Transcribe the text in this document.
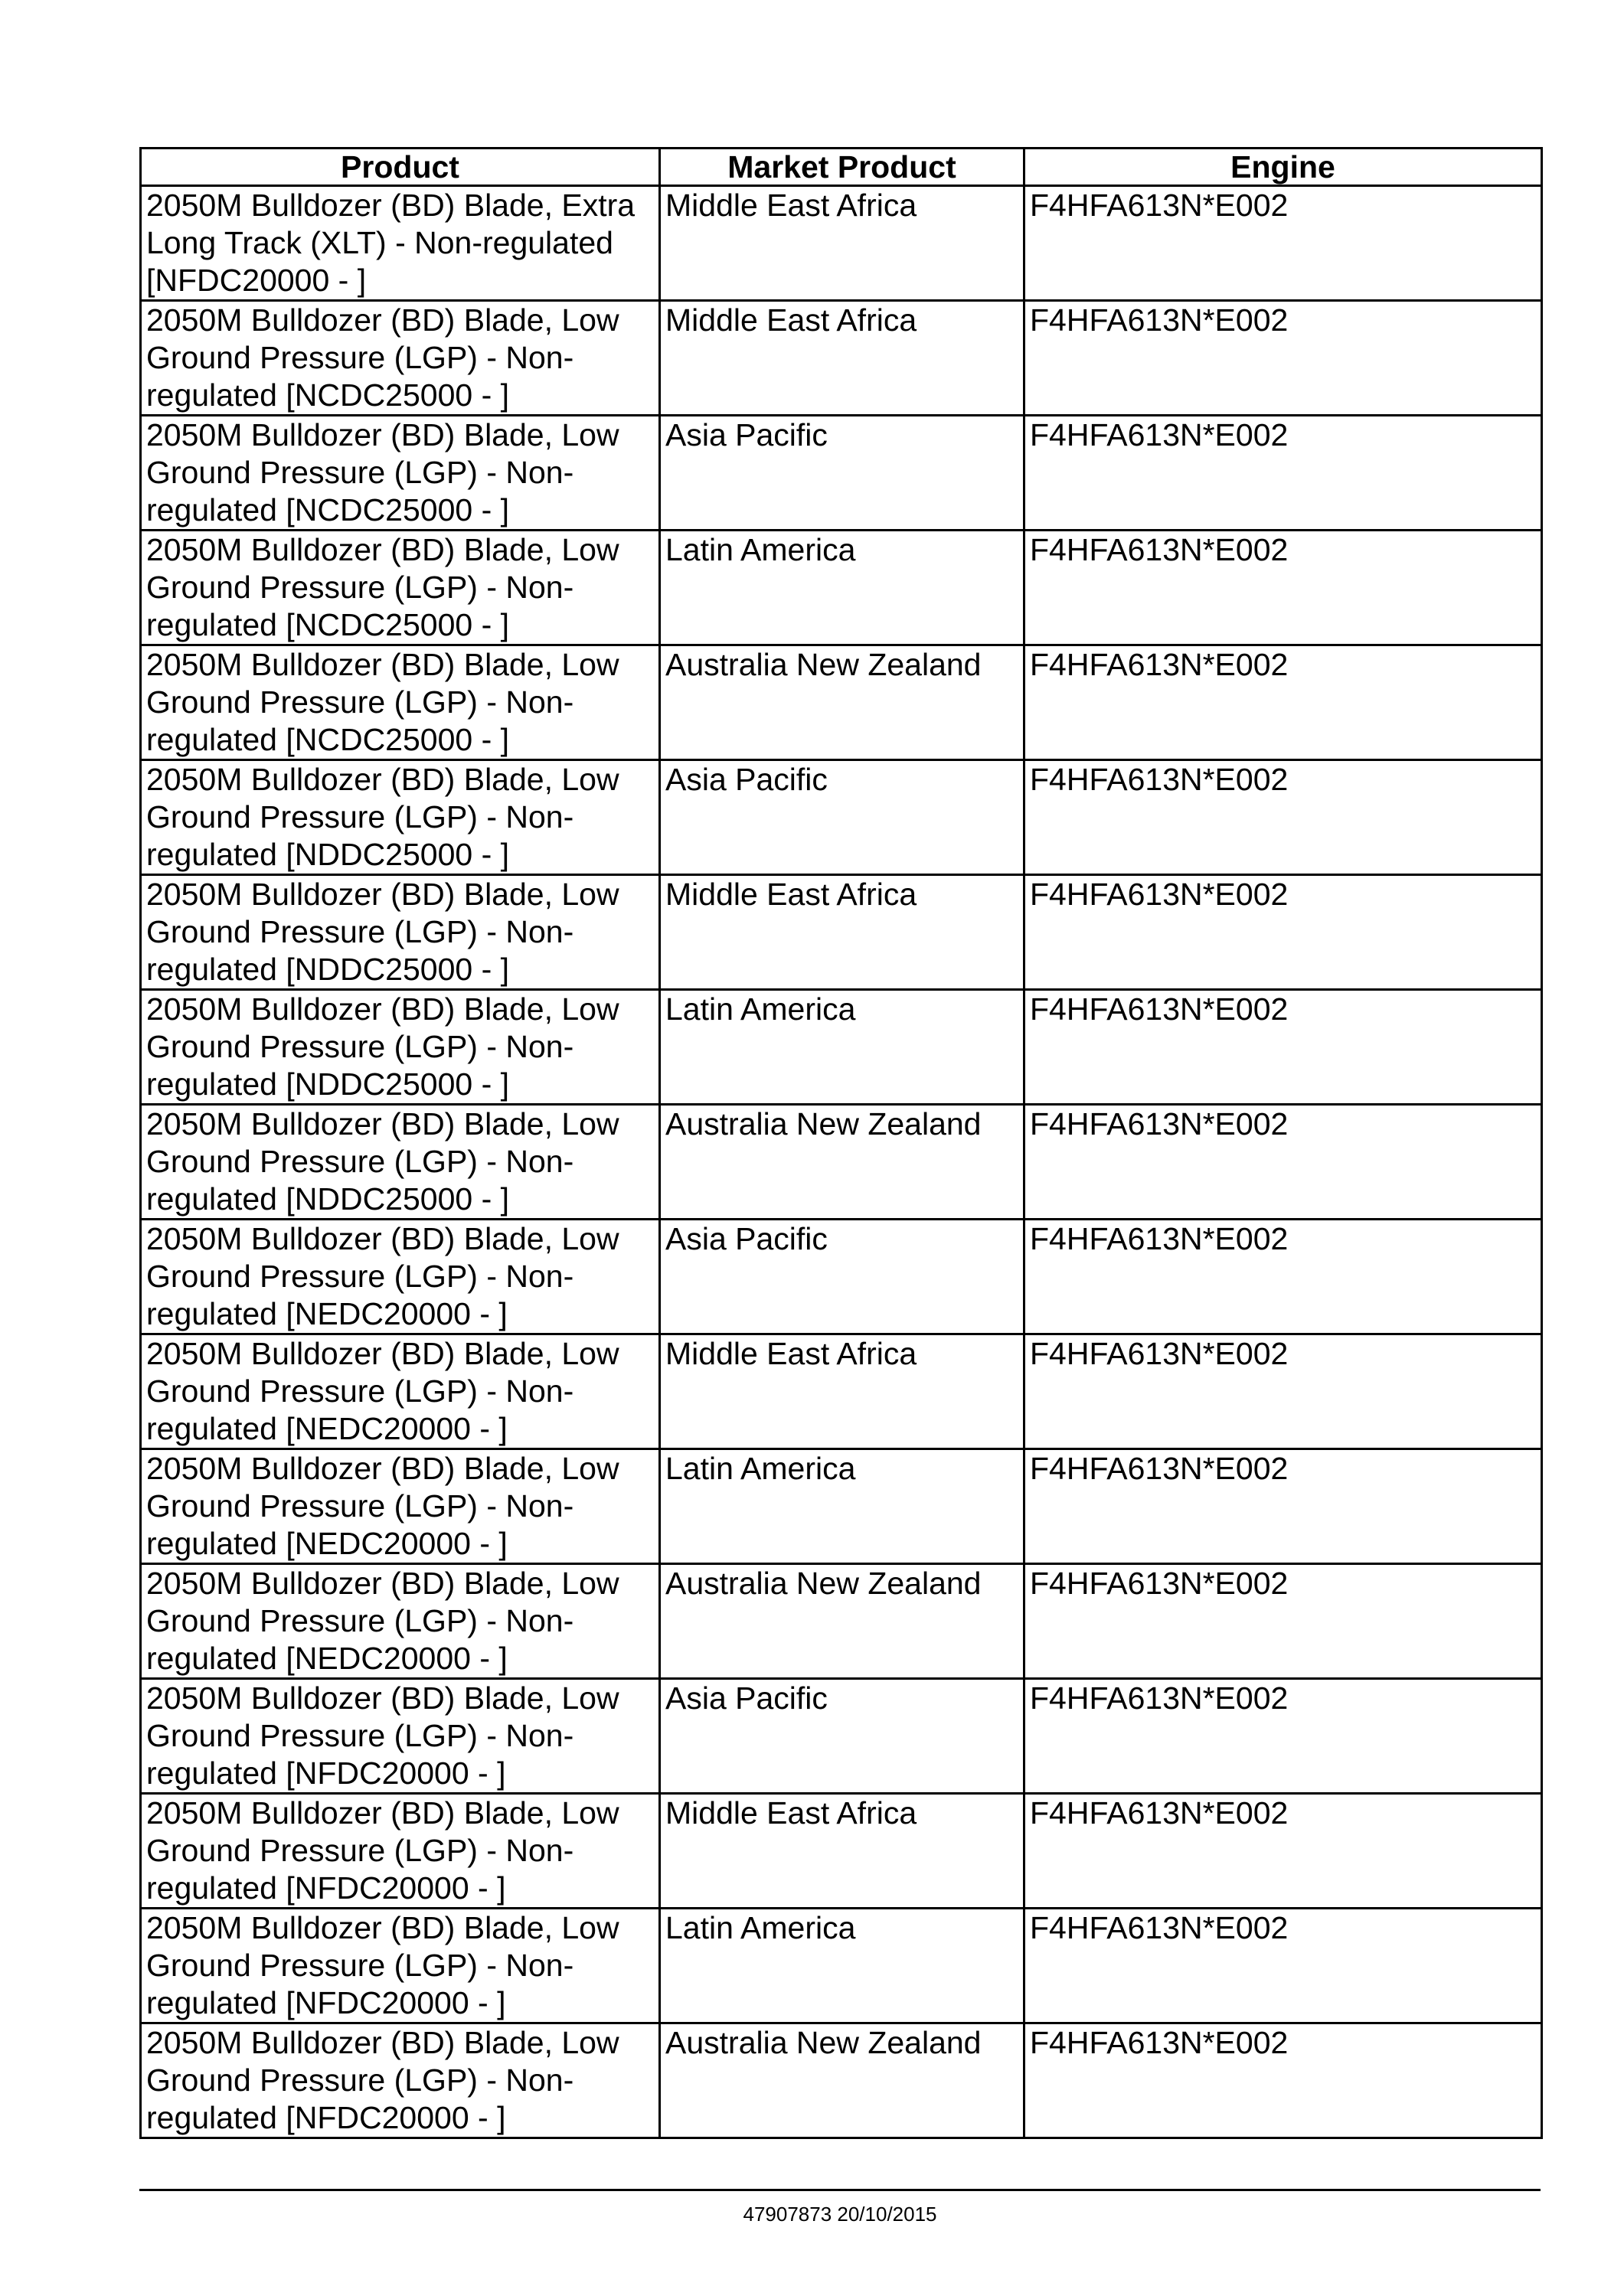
Product	Market Product	Engine
2050M Bulldozer (BD) Blade, Extra Long Track (XLT) - Non-regulated [NFDC20000 - ]	Middle East Africa	F4HFA613N*E002
2050M Bulldozer (BD) Blade, Low Ground Pressure (LGP) - Non-regulated [NCDC25000 - ]	Middle East Africa	F4HFA613N*E002
2050M Bulldozer (BD) Blade, Low Ground Pressure (LGP) - Non-regulated [NCDC25000 - ]	Asia Pacific	F4HFA613N*E002
2050M Bulldozer (BD) Blade, Low Ground Pressure (LGP) - Non-regulated [NCDC25000 - ]	Latin America	F4HFA613N*E002
2050M Bulldozer (BD) Blade, Low Ground Pressure (LGP) - Non-regulated [NCDC25000 - ]	Australia New Zealand	F4HFA613N*E002
2050M Bulldozer (BD) Blade, Low Ground Pressure (LGP) - Non-regulated [NDDC25000 - ]	Asia Pacific	F4HFA613N*E002
2050M Bulldozer (BD) Blade, Low Ground Pressure (LGP) - Non-regulated [NDDC25000 - ]	Middle East Africa	F4HFA613N*E002
2050M Bulldozer (BD) Blade, Low Ground Pressure (LGP) - Non-regulated [NDDC25000 - ]	Latin America	F4HFA613N*E002
2050M Bulldozer (BD) Blade, Low Ground Pressure (LGP) - Non-regulated [NDDC25000 - ]	Australia New Zealand	F4HFA613N*E002
2050M Bulldozer (BD) Blade, Low Ground Pressure (LGP) - Non-regulated [NEDC20000 - ]	Asia Pacific	F4HFA613N*E002
2050M Bulldozer (BD) Blade, Low Ground Pressure (LGP) - Non-regulated [NEDC20000 - ]	Middle East Africa	F4HFA613N*E002
2050M Bulldozer (BD) Blade, Low Ground Pressure (LGP) - Non-regulated [NEDC20000 - ]	Latin America	F4HFA613N*E002
2050M Bulldozer (BD) Blade, Low Ground Pressure (LGP) - Non-regulated [NEDC20000 - ]	Australia New Zealand	F4HFA613N*E002
2050M Bulldozer (BD) Blade, Low Ground Pressure (LGP) - Non-regulated [NFDC20000 - ]	Asia Pacific	F4HFA613N*E002
2050M Bulldozer (BD) Blade, Low Ground Pressure (LGP) - Non-regulated [NFDC20000 - ]	Middle East Africa	F4HFA613N*E002
2050M Bulldozer (BD) Blade, Low Ground Pressure (LGP) - Non-regulated [NFDC20000 - ]	Latin America	F4HFA613N*E002
2050M Bulldozer (BD) Blade, Low Ground Pressure (LGP) - Non-regulated [NFDC20000 - ]	Australia New Zealand	F4HFA613N*E002
47907873 20/10/2015
